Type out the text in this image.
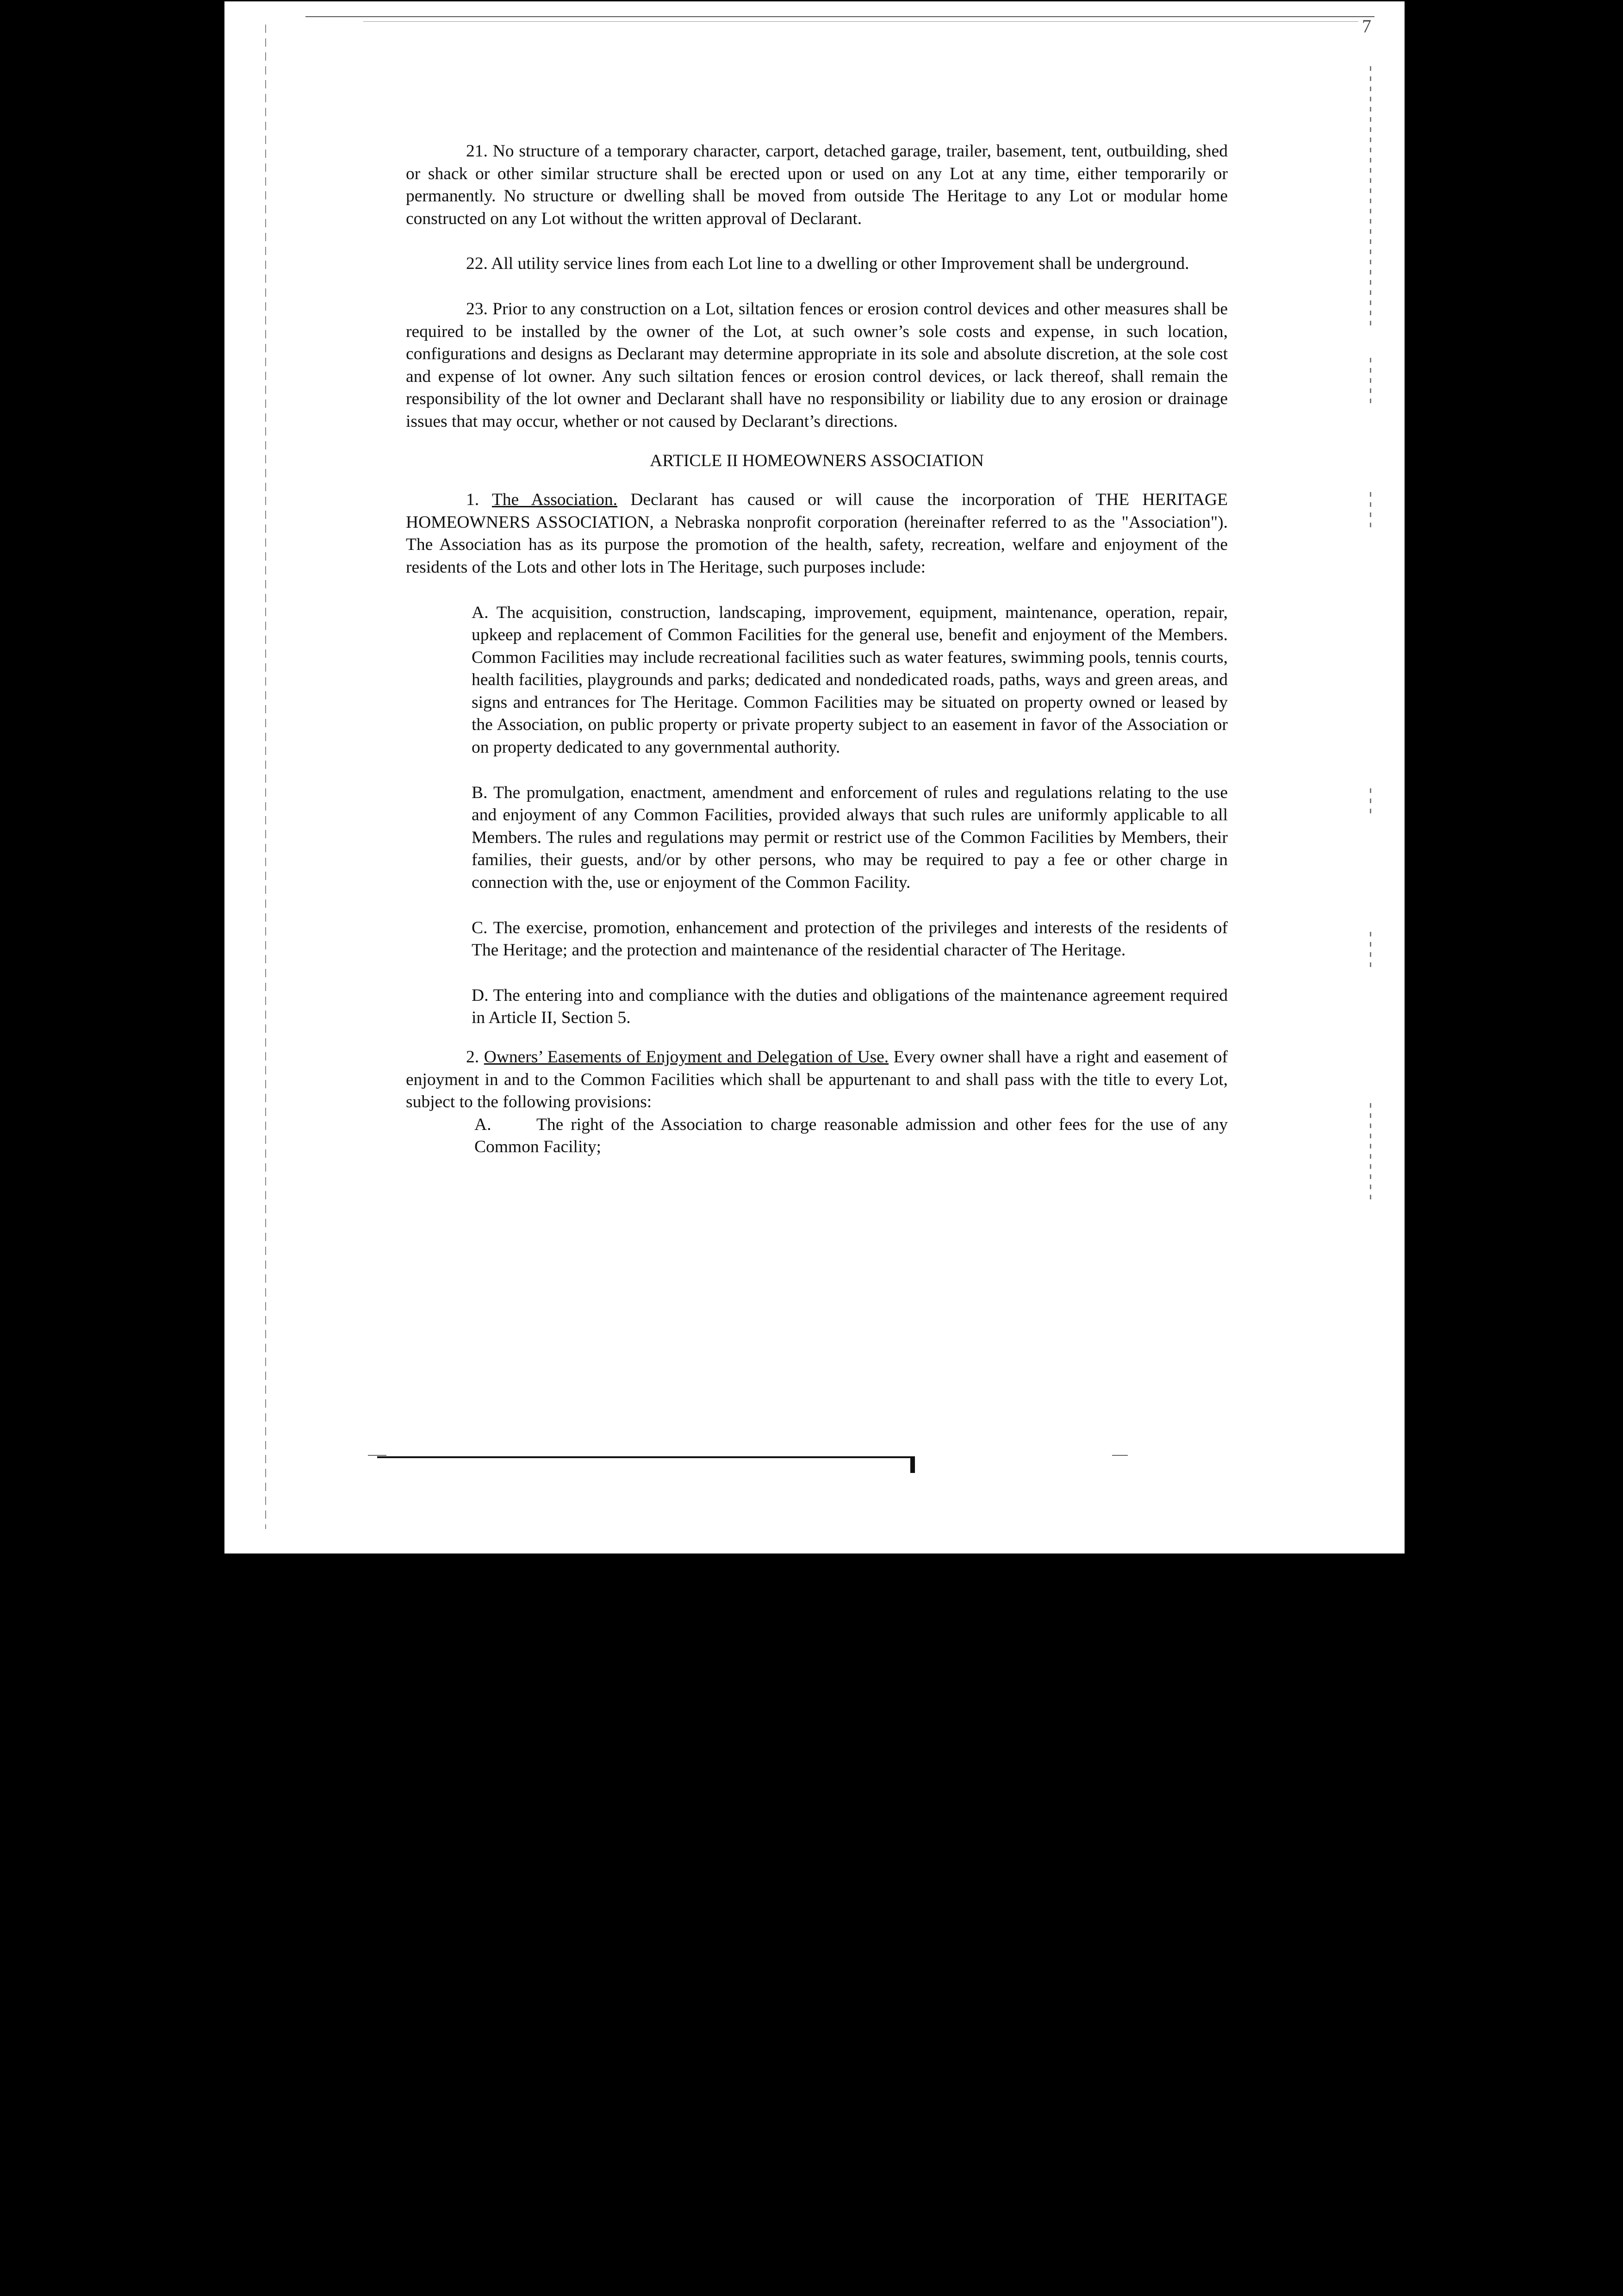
7

21. No structure of a temporary character, carport, detached garage, trailer, basement, tent, outbuilding, shed or shack or other similar structure shall be erected upon or used on any Lot at any time, either temporarily or permanently. No structure or dwelling shall be moved from outside The Heritage to any Lot or modular home constructed on any Lot without the written approval of Declarant.

22. All utility service lines from each Lot line to a dwelling or other Improvement shall be underground.

23. Prior to any construction on a Lot, siltation fences or erosion control devices and other measures shall be required to be installed by the owner of the Lot, at such owner’s sole costs and expense, in such location, configurations and designs as Declarant may determine appropriate in its sole and absolute discretion, at the sole cost and expense of lot owner. Any such siltation fences or erosion control devices, or lack thereof, shall remain the responsibility of the lot owner and Declarant shall have no responsibility or liability due to any erosion or drainage issues that may occur, whether or not caused by Declarant’s directions.

ARTICLE II HOMEOWNERS ASSOCIATION

1. The Association. Declarant has caused or will cause the incorporation of THE HERITAGE HOMEOWNERS ASSOCIATION, a Nebraska nonprofit corporation (hereinafter referred to as the "Association"). The Association has as its purpose the promotion of the health, safety, recreation, welfare and enjoyment of the residents of the Lots and other lots in The Heritage, such purposes include:

A. The acquisition, construction, landscaping, improvement, equipment, maintenance, operation, repair, upkeep and replacement of Common Facilities for the general use, benefit and enjoyment of the Members. Common Facilities may include recreational facilities such as water features, swimming pools, tennis courts, health facilities, playgrounds and parks; dedicated and nondedicated roads, paths, ways and green areas, and signs and entrances for The Heritage. Common Facilities may be situated on property owned or leased by the Association, on public property or private property subject to an easement in favor of the Association or on property dedicated to any governmental authority.

B. The promulgation, enactment, amendment and enforcement of rules and regulations relating to the use and enjoyment of any Common Facilities, provided always that such rules are uniformly applicable to all Members. The rules and regulations may permit or restrict use of the Common Facilities by Members, their families, their guests, and/or by other persons, who may be required to pay a fee or other charge in connection with the, use or enjoyment of the Common Facility.

C. The exercise, promotion, enhancement and protection of the privileges and interests of the residents of The Heritage; and the protection and maintenance of the residential character of The Heritage.

D. The entering into and compliance with the duties and obligations of the maintenance agreement required in Article II, Section 5.

2. Owners’ Easements of Enjoyment and Delegation of Use. Every owner shall have a right and easement of enjoyment in and to the Common Facilities which shall be appurtenant to and shall pass with the title to every Lot, subject to the following provisions:

A.	The right of the Association to charge reasonable admission and other fees for the use of any Common Facility;
